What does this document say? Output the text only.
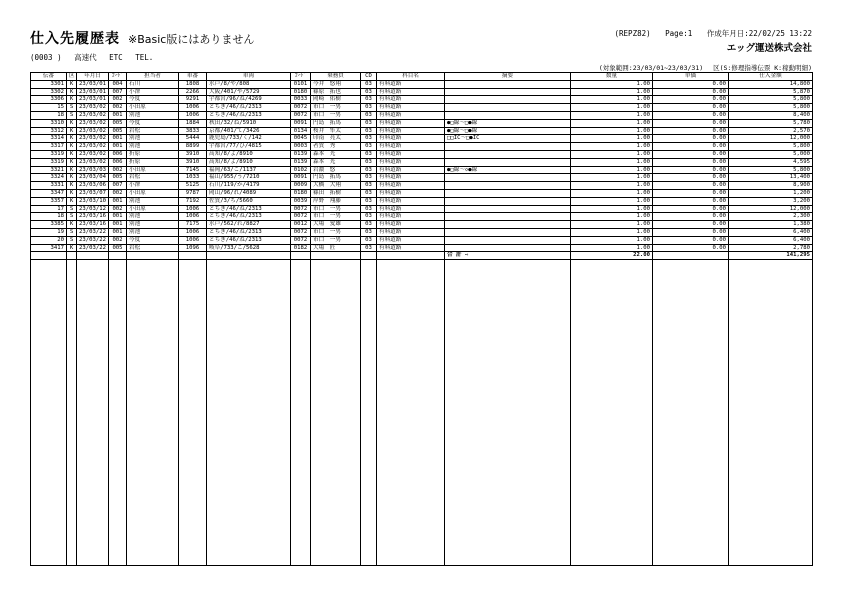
仕入先履歴表 ※Basic版にはありません	(REPZ82) Page:1 作成年月日:22/02/25 13:22
エッグ運送株式会社
(0003 ) 高速代 ETC TEL.
(対象範囲:23/03/01~23/03/31) 区(S:修理指導伝票 K:稼動明細)
伝番	区	年月日	ｺｰﾄﾞ	担当者	車番	車両	ｺｰﾄﾞ	乗務員	CD	科目名	摘要	数量	単価	仕入金額
3301	K	23/03/01	004	石川	1808	水戸/8/や/808	0101	今井　悠翔	03	有料道路		1.00	0.00	14,800
3302	K	23/03/01	007	小澤	2266	大阪/401/や/5729	0180	篠原　拓也	03	有料道路		1.00	0.00	5,870
3306	K	23/03/01	002	今度	9291	宇都宮/96/ね/4269	0033	岡崎　佑樹	03	有料道路		1.00	0.00	5,800
15	S	23/03/02	002	小田原	1006	とちぎ/46/ね/2313	0072	市口　一男	03	有料道路		1.00	0.00	5,800
18	S	23/03/02	001	別池	1006	とちぎ/46/ね/2313	0072	市口　一男	03	有料道路		1.00	0.00	8,400
3310	K	23/03/02	005	今度	1884	秋田/32/ね/5910	0091	円島　拓馬	03	有料道路	●□線～□●線	1.00	0.00	5,780
3312	K	23/03/02	005	岩松	3833	京都/401/て/3426	0134	桜井　隼太	03	有料道路	●□線～□●線	1.00	0.00	2,570
3314	K	23/03/02	001	別池	5444	鹿児島/733/く/142	0045	印南　亮太	03	有料道路	□□IC～□●IC	1.00	0.00	12,000
3317	K	23/03/02	001	別池	8899	宇都宮/77/ひ/4815	0003	者賀　秀	03	有料道路		1.00	0.00	5,800
3319	K	23/03/02	006	折原	3910	高知/8/よ/8910	0139	森本　光	03	有料道路		1.00	0.00	5,000
3319	K	23/03/02	006	折原	3910	高知/8/よ/8910	0139	森本　光	03	有料道路		1.00	0.00	4,595
3321	K	23/03/03	002	小田原	7145	福岡/63/こ/1137	0102	岩濃　悠	03	有料道路	●□線～◇●線	1.00	0.00	5,800
3324	K	23/03/04	005	岩松	1033	福山/955/う/7210	0091	円島　拓馬	03	有料道路		1.00	0.00	13,400
3331	K	23/03/06	007	小澤	5125	石川/119/か/4179	0009	大橋　大翔	03	有料道路		1.00	0.00	8,900
3347	K	23/03/07	002	小田原	9787	岡山/96/れ/4089	0180	篠田　拓樹	03	有料道路		1.00	0.00	1,200
3357	K	23/03/10	001	別池	7192	佐賀/3/ち/5660	0039	岸野　翔藤	03	有料道路		1.00	0.00	3,200
17	S	23/03/12	002	小田原	1006	とちぎ/46/ね/2313	0072	市口　一男	03	有料道路		1.00	0.00	12,000
18	S	23/03/16	001	別池	1006	とちぎ/46/ね/2313	0072	市口　一男	03	有料道路		1.00	0.00	2,300
3385	K	23/03/16	001	別池	7175	水戸/562/れ/8827	0012	大場　愛雄	03	有料道路		1.00	0.00	1,380
19	S	23/03/22	001	別池	1006	とちぎ/46/ね/2313	0072	市口　一男	03	有料道路		1.00	0.00	6,400
20	S	23/03/22	002	今度	1006	とちぎ/46/ね/2313	0072	市口　一男	03	有料道路		1.00	0.00	6,400
3417	K	23/03/22	005	岩松	1096	岐阜/733/こ/5628	0182	大場　匠	03	有料道路		1.00	0.00	2,780
											合 計 ⇨	22.00		141,295
